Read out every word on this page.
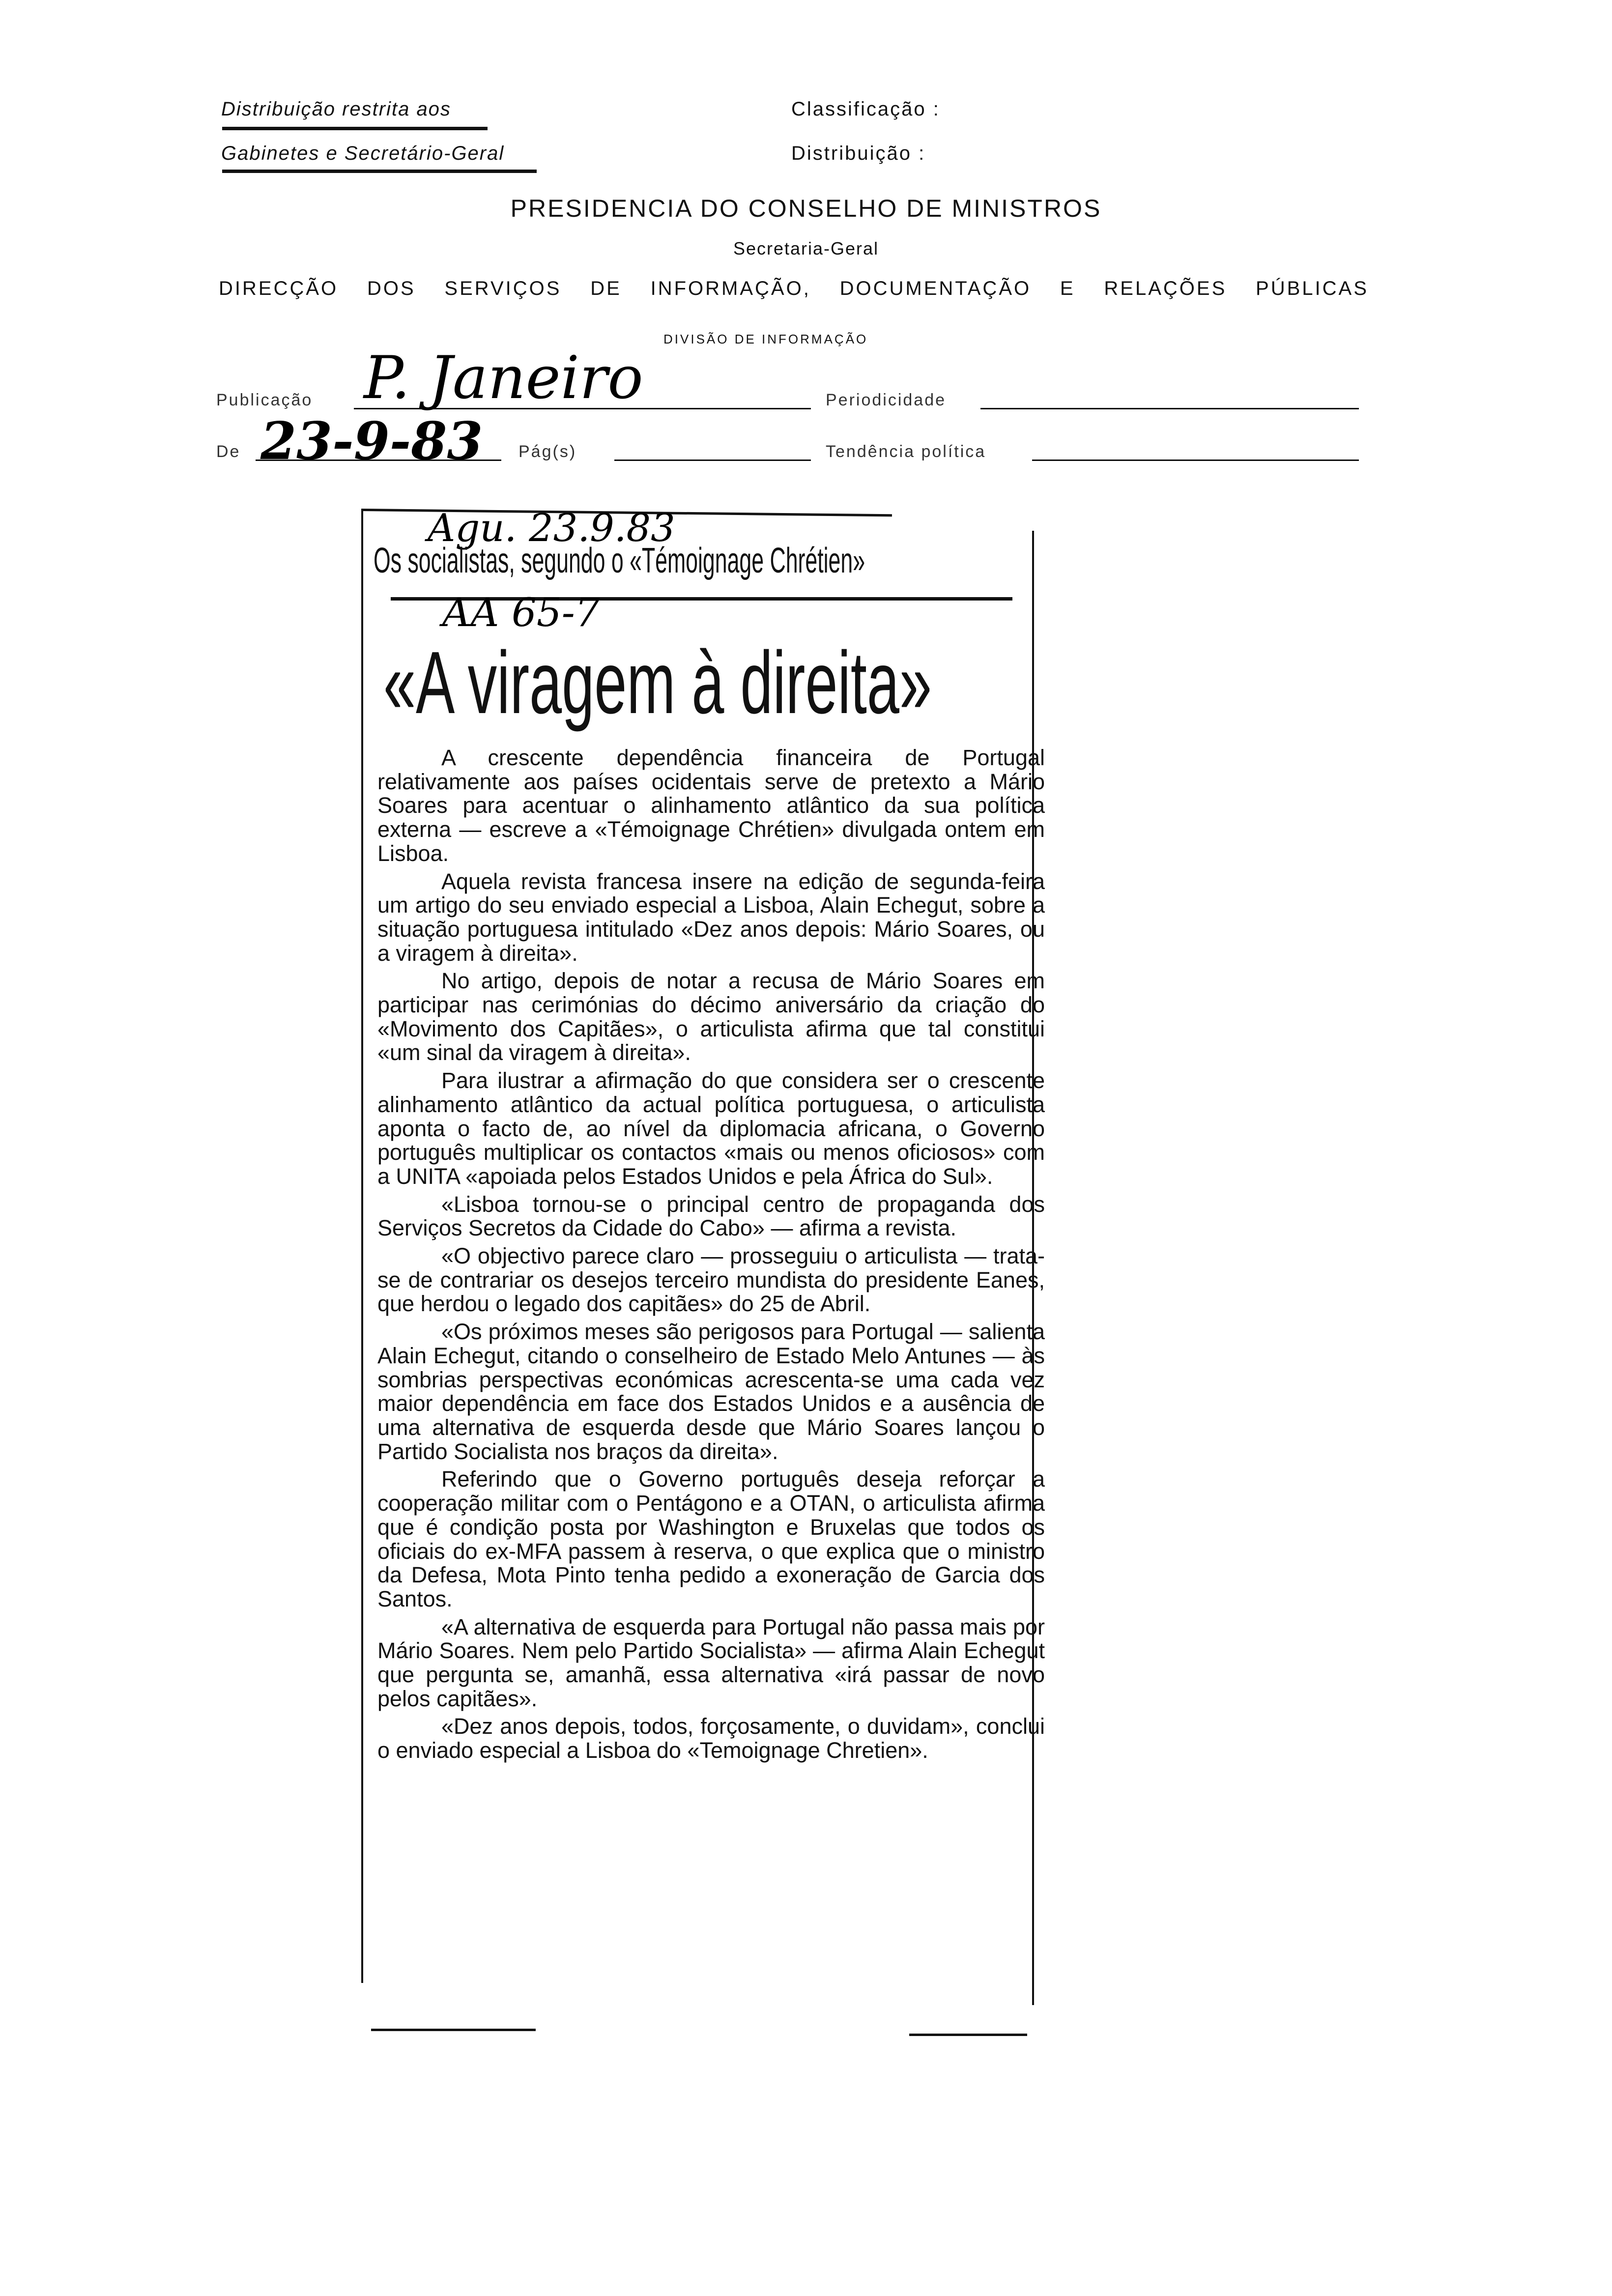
Distribuição restrita aos
Gabinetes e Secretário-Geral
Classificação :
Distribuição :
PRESIDENCIA DO CONSELHO DE MINISTROS
Secretaria-Geral
DIRECÇÃO DOS SERVIÇOS DE INFORMAÇÃO, DOCUMENTAÇÃO E RELAÇÕES PÚBLICAS
DIVISÃO DE INFORMAÇÃO
Publicação P. Janeiro	Periodicidade
De 23-9-83 Pág(s)	Tendência política
Agu. 23.9.83
Os socialistas, segundo o «Témoignage Chrétien»
AA 65-7
«A viragem à direita»

A crescente dependência financeira de Portugal relativamente aos países ocidentais serve de pretexto a Mário Soares para acentuar o alinhamento atlântico da sua política externa — escreve a «Témoignage Chrétien» divulgada ontem em Lisboa.

Aquela revista francesa insere na edição de segunda-feira um artigo do seu enviado especial a Lisboa, Alain Echegut, sobre a situação portuguesa intitulado «Dez anos depois: Mário Soares, ou a viragem à direita».

No artigo, depois de notar a recusa de Mário Soares em participar nas cerimónias do décimo aniversário da criação do «Movimento dos Capitães», o articulista afirma que tal constitui «um sinal da viragem à direita».

Para ilustrar a afirmação do que considera ser o crescente alinhamento atlântico da actual política portuguesa, o articulista aponta o facto de, ao nível da diplomacia africana, o Governo português multiplicar os contactos «mais ou menos oficiosos» com a UNITA «apoiada pelos Estados Unidos e pela África do Sul».

«Lisboa tornou-se o principal centro de propaganda dos Serviços Secretos da Cidade do Cabo» — afirma a revista.

«O objectivo parece claro — prosseguiu o articulista — trata-se de contrariar os desejos terceiro mundista do presidente Eanes, que herdou o legado dos capitães» do 25 de Abril.

«Os próximos meses são perigosos para Portugal — salienta Alain Echegut, citando o conselheiro de Estado Melo Antunes — às sombrias perspectivas económicas acrescenta-se uma cada vez maior dependência em face dos Estados Unidos e a ausência de uma alternativa de esquerda desde que Mário Soares lançou o Partido Socialista nos braços da direita».

Referindo que o Governo português deseja reforçar a cooperação militar com o Pentágono e a OTAN, o articulista afirma que é condição posta por Washington e Bruxelas que todos os oficiais do ex-MFA passem à reserva, o que explica que o ministro da Defesa, Mota Pinto tenha pedido a exoneração de Garcia dos Santos.

«A alternativa de esquerda para Portugal não passa mais por Mário Soares. Nem pelo Partido Socialista» — afirma Alain Echegut que pergunta se, amanhã, essa alternativa «irá passar de novo pelos capitães».

«Dez anos depois, todos, forçosamente, o duvidam», conclui o enviado especial a Lisboa do «Temoignage Chretien».
